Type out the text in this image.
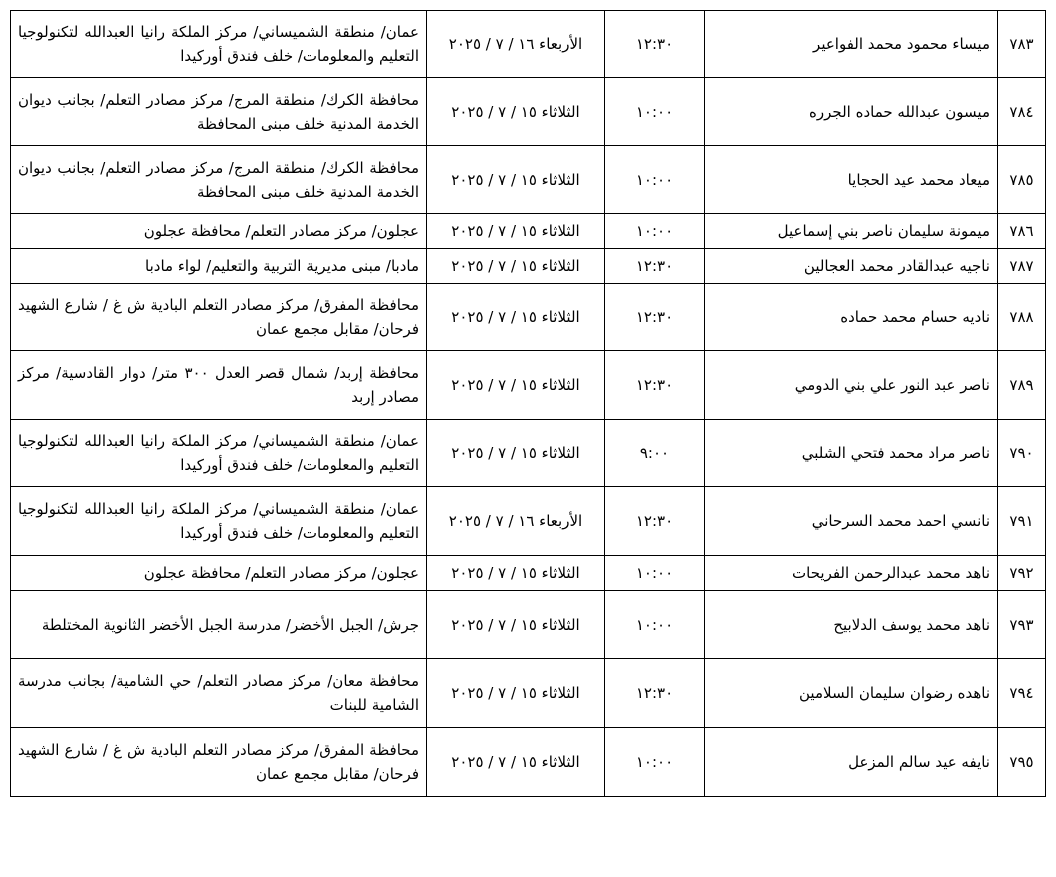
٧٨٣	ميساء محمود محمد الفواعير	١٢:٣٠	الأربعاء ١٦ / ٧ / ٢٠٢٥	عمان/ منطقة الشميساني/ مركز الملكة رانيا العبدالله لتكنولوجيا التعليم والمعلومات/ خلف فندق أوركيدا

٧٨٤	ميسون عبدالله حماده الجرره	١٠:٠٠	الثلاثاء ١٥ / ٧ / ٢٠٢٥	محافظة الكرك/ منطقة المرج/ مركز مصادر التعلم/ بجانب ديوان الخدمة المدنية خلف مبنى المحافظة

٧٨٥	ميعاد محمد عيد الحجايا	١٠:٠٠	الثلاثاء ١٥ / ٧ / ٢٠٢٥	محافظة الكرك/ منطقة المرج/ مركز مصادر التعلم/ بجانب ديوان الخدمة المدنية خلف مبنى المحافظة

٧٨٦	ميمونة سليمان ناصر بني إسماعيل	١٠:٠٠	الثلاثاء ١٥ / ٧ / ٢٠٢٥	عجلون/ مركز مصادر التعلم/ محافظة عجلون

٧٨٧	ناجيه عبدالقادر محمد العجالين	١٢:٣٠	الثلاثاء ١٥ / ٧ / ٢٠٢٥	مادبا/ مبنى مديرية التربية والتعليم/ لواء مادبا

٧٨٨	ناديه حسام محمد حماده	١٢:٣٠	الثلاثاء ١٥ / ٧ / ٢٠٢٥	محافظة المفرق/ مركز مصادر التعلم البادية ش غ / شارع الشهيد فرحان/ مقابل مجمع عمان

٧٨٩	ناصر عبد النور علي بني الدومي	١٢:٣٠	الثلاثاء ١٥ / ٧ / ٢٠٢٥	محافظة إربد/ شمال قصر العدل ٣٠٠ متر/ دوار القادسية/ مركز مصادر إربد

٧٩٠	ناصر مراد محمد فتحي الشلبي	٩:٠٠	الثلاثاء ١٥ / ٧ / ٢٠٢٥	عمان/ منطقة الشميساني/ مركز الملكة رانيا العبدالله لتكنولوجيا التعليم والمعلومات/ خلف فندق أوركيدا

٧٩١	نانسي احمد محمد السرحاني	١٢:٣٠	الأربعاء ١٦ / ٧ / ٢٠٢٥	عمان/ منطقة الشميساني/ مركز الملكة رانيا العبدالله لتكنولوجيا التعليم والمعلومات/ خلف فندق أوركيدا

٧٩٢	ناهد محمد عبدالرحمن الفريحات	١٠:٠٠	الثلاثاء ١٥ / ٧ / ٢٠٢٥	عجلون/ مركز مصادر التعلم/ محافظة عجلون

٧٩٣	ناهد محمد يوسف الدلابيح	١٠:٠٠	الثلاثاء ١٥ / ٧ / ٢٠٢٥	جرش/ الجبل الأخضر/ مدرسة الجبل الأخضر الثانوية المختلطة

٧٩٤	ناهده رضوان سليمان السلامين	١٢:٣٠	الثلاثاء ١٥ / ٧ / ٢٠٢٥	محافظة معان/ مركز مصادر التعلم/ حي الشامية/ بجانب مدرسة الشامية للبنات

٧٩٥	نايفه عيد سالم المزعل	١٠:٠٠	الثلاثاء ١٥ / ٧ / ٢٠٢٥	محافظة المفرق/ مركز مصادر التعلم البادية ش غ / شارع الشهيد فرحان/ مقابل مجمع عمان
